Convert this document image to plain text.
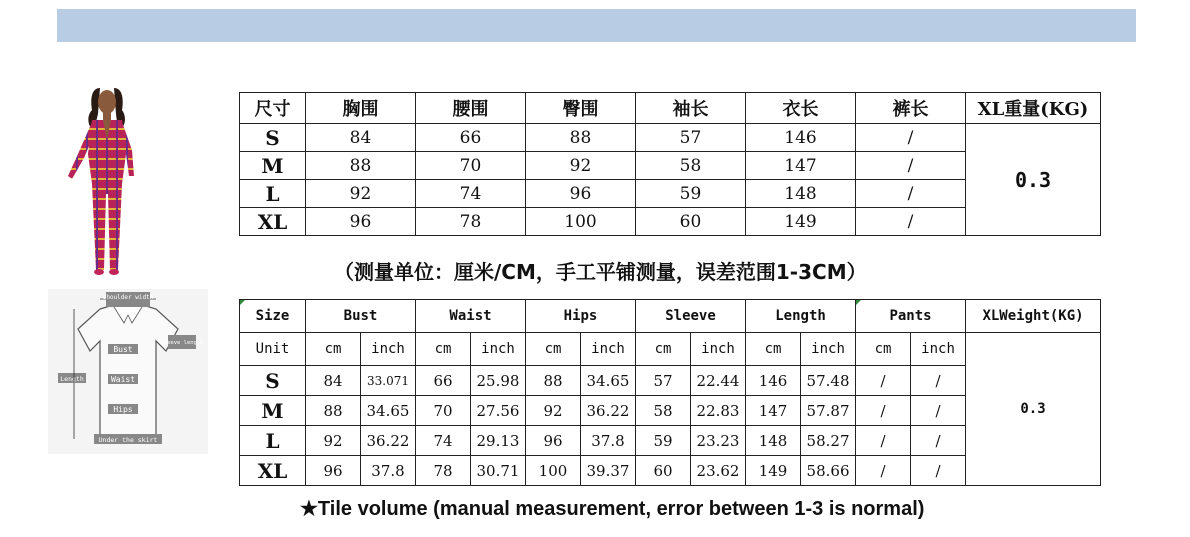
shoulder width
Bust
Waist
Hips
Length
sleeve length
Under the skirt
尺寸	胸围	腰围	臀围	袖长	衣长	裤长	XL重量(KG)
S	84	66	88	57	146	/	0.3
M	88	70	92	58	147	/	
L	92	74	96	59	148	/	
XL	96	78	100	60	149	/	
（测量单位：厘米/CM，手工平铺测量，误差范围1-3CM）
Size	Bust		Waist		Hips		Sleeve		Length		Pants		XLWeight(KG)
Unit	cm	inch	cm	inch	cm	inch	cm	inch	cm	inch	cm	inch	0.3
S	84	33.071	66	25.98	88	34.65	57	22.44	146	57.48	/	/	
M	88	34.65	70	27.56	92	36.22	58	22.83	147	57.87	/	/	
L	92	36.22	74	29.13	96	37.8	59	23.23	148	58.27	/	/	
XL	96	37.8	78	30.71	100	39.37	60	23.62	149	58.66	/	/	
★Tile volume (manual measurement, error between 1-3 is normal)
